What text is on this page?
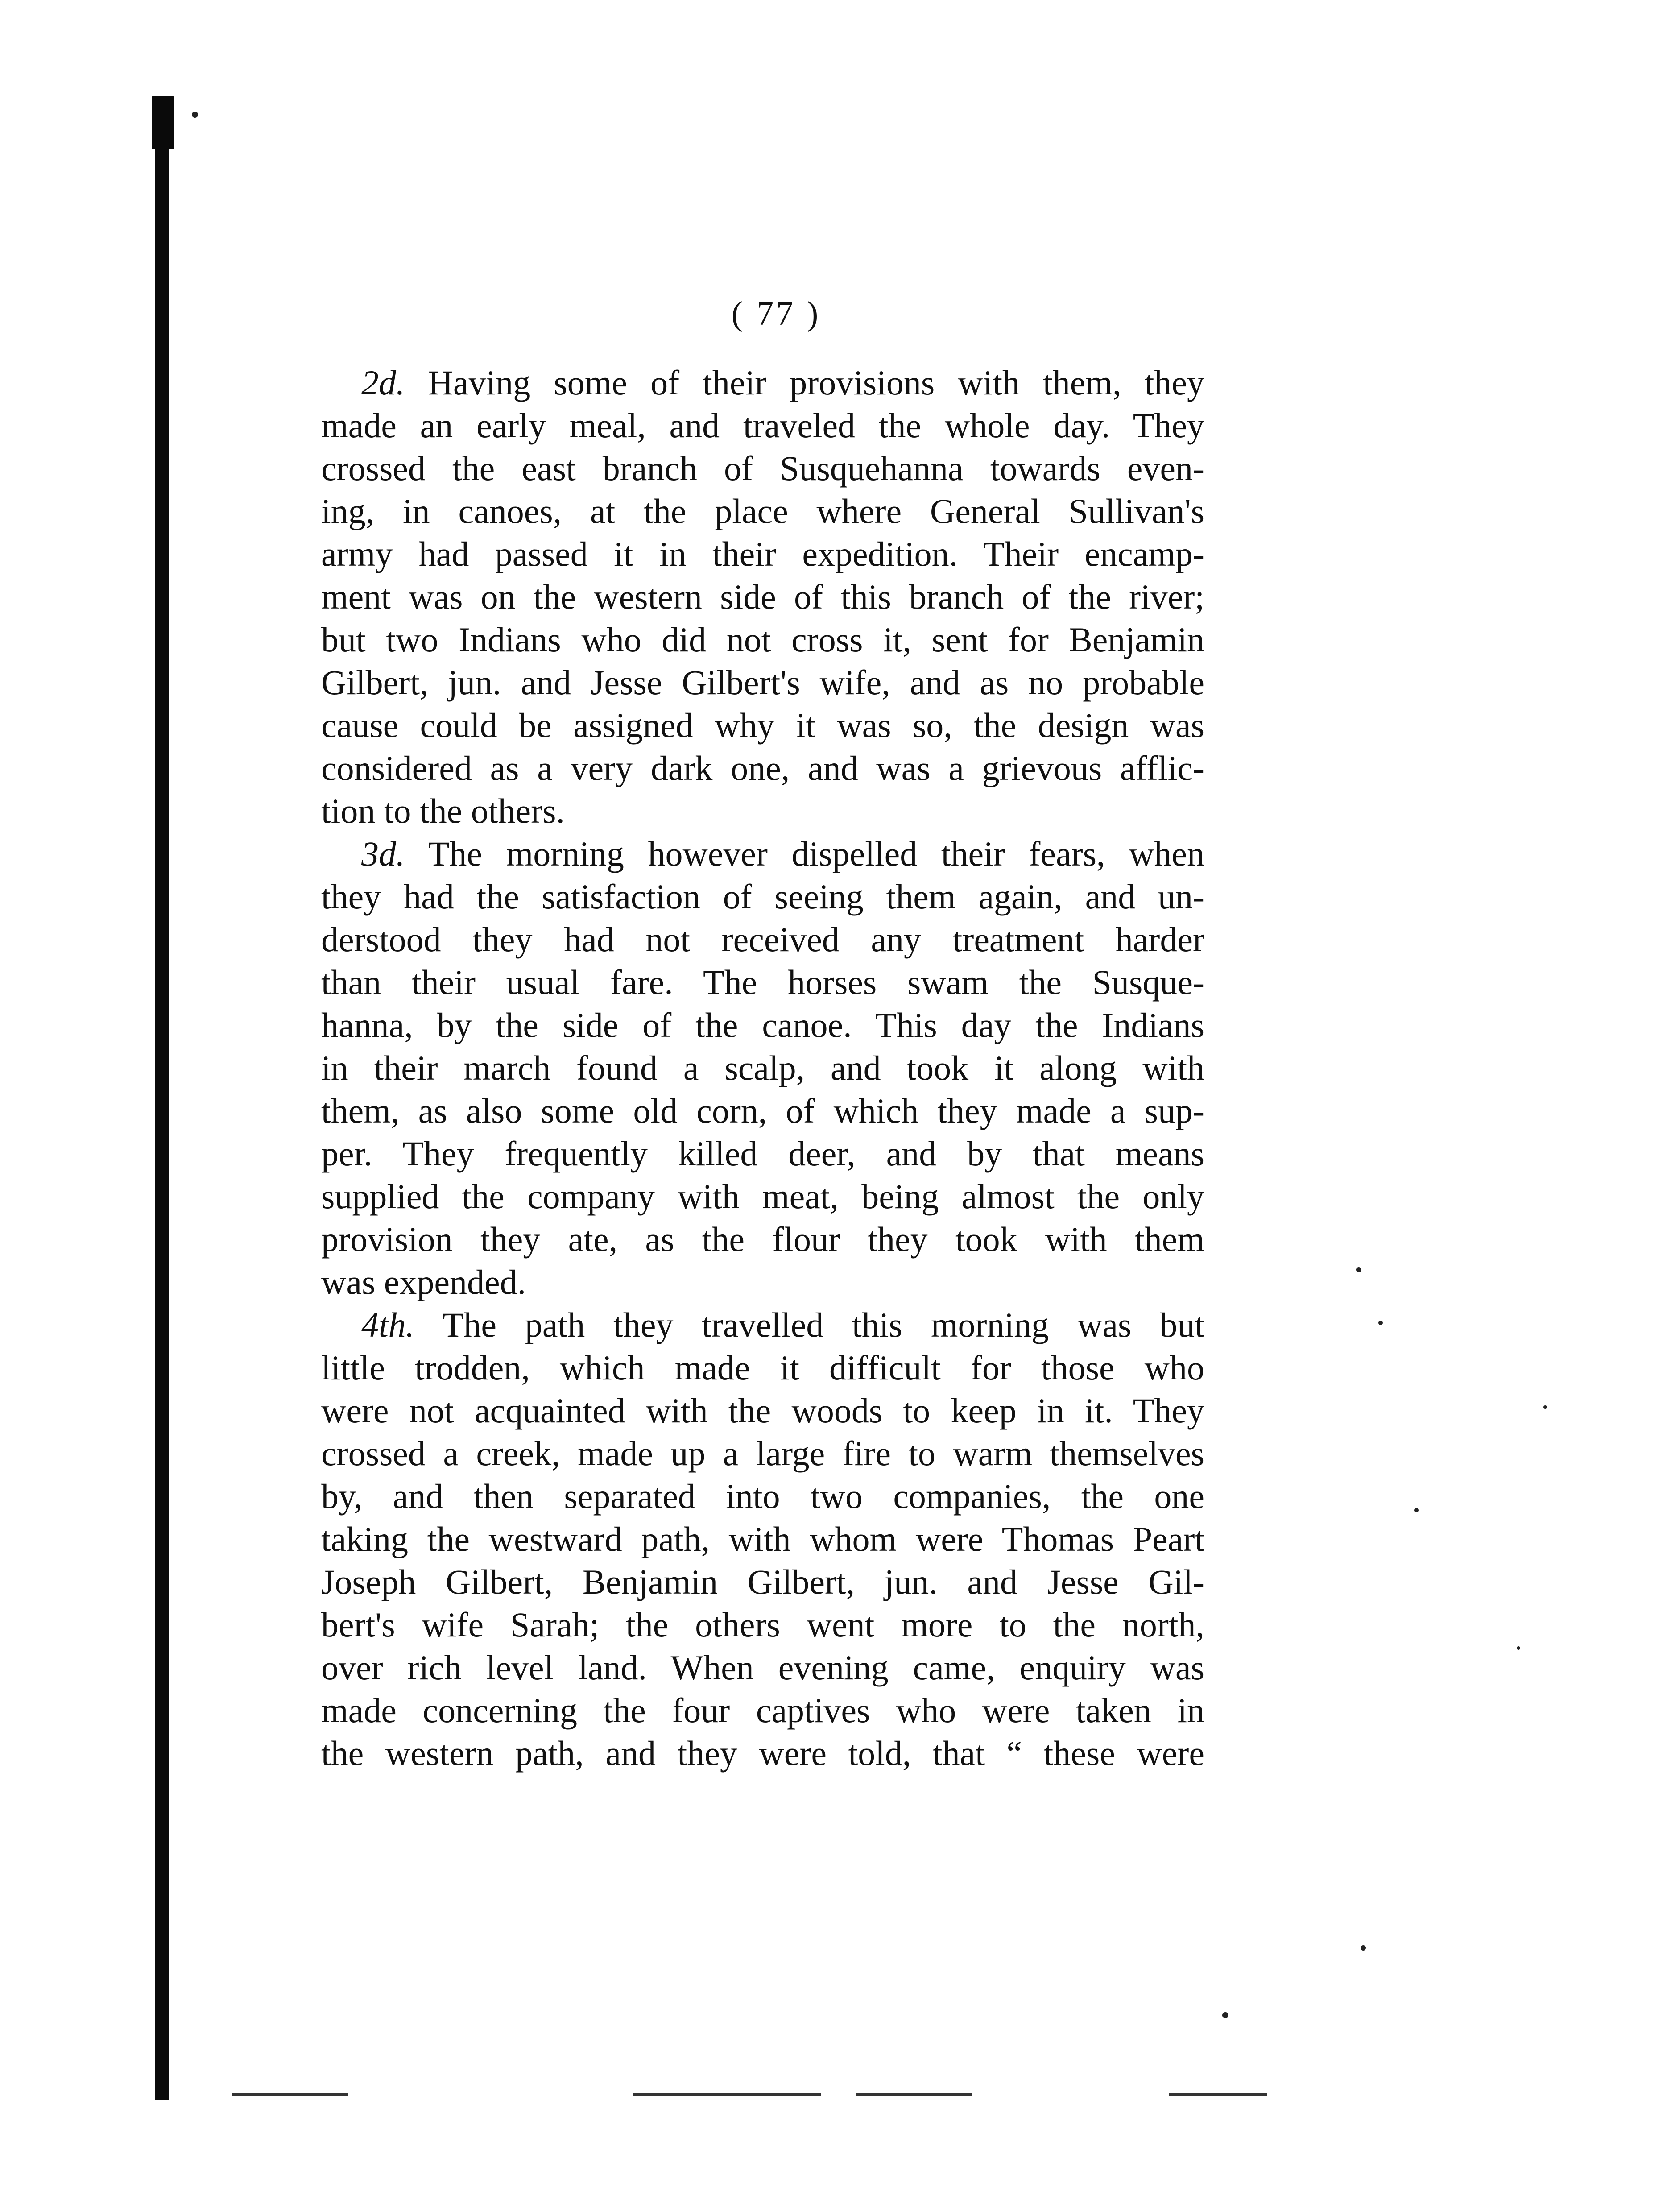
( 77 )
2d. Having some of their provisions with them, they
made an early meal, and traveled the whole day. They
crossed the east branch of Susquehanna towards even-
ing, in canoes, at the place where General Sullivan's
army had passed it in their expedition. Their encamp-
ment was on the western side of this branch of the river;
but two Indians who did not cross it, sent for Benjamin
Gilbert, jun. and Jesse Gilbert's wife, and as no probable
cause could be assigned why it was so, the design was
considered as a very dark one, and was a grievous afflic-
tion to the others.
3d. The morning however dispelled their fears, when
they had the satisfaction of seeing them again, and un-
derstood they had not received any treatment harder
than their usual fare. The horses swam the Susque-
hanna, by the side of the canoe. This day the Indians
in their march found a scalp, and took it along with
them, as also some old corn, of which they made a sup-
per. They frequently killed deer, and by that means
supplied the company with meat, being almost the only
provision they ate, as the flour they took with them
was expended.
4th. The path they travelled this morning was but
little trodden, which made it difficult for those who
were not acquainted with the woods to keep in it. They
crossed a creek, made up a large fire to warm themselves
by, and then separated into two companies, the one
taking the westward path, with whom were Thomas Peart
Joseph Gilbert, Benjamin Gilbert, jun. and Jesse Gil-
bert's wife Sarah; the others went more to the north,
over rich level land. When evening came, enquiry was
made concerning the four captives who were taken in
the western path, and they were told, that “ these were
